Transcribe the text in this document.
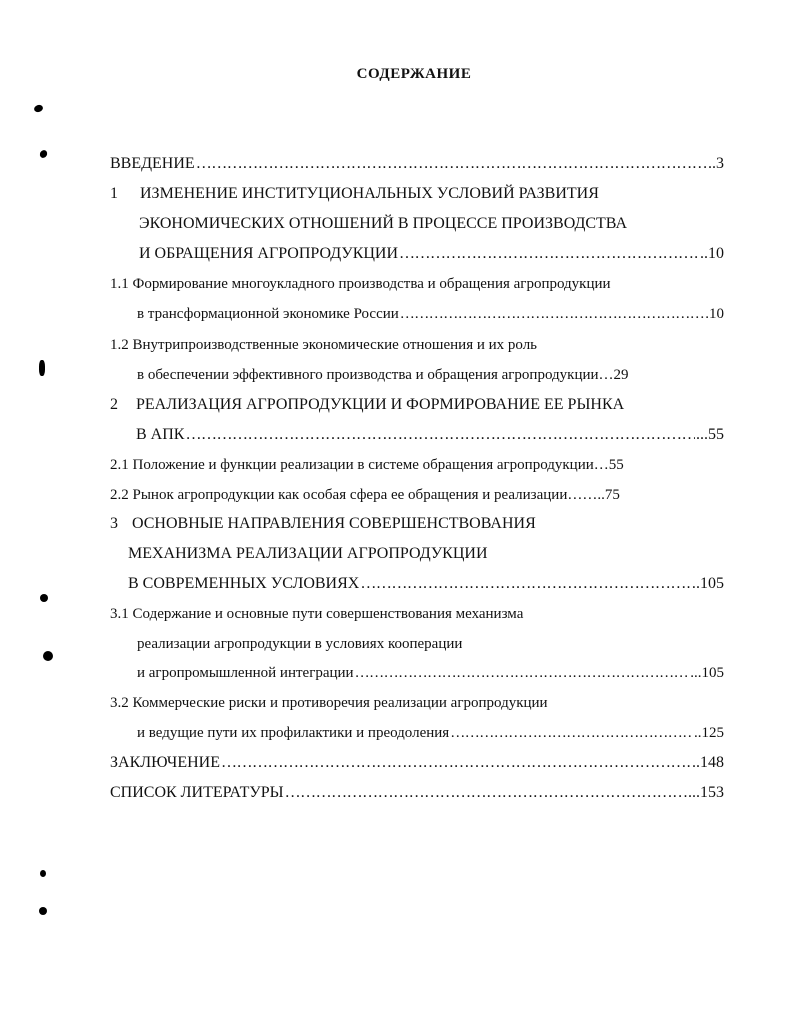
СОДЕРЖАНИЕ
ВВЕДЕНИЕ …………………………………………………………………………………………………………………………………………………………………………………………………	..3
1	ИЗМЕНЕНИЕ ИНСТИТУЦИОНАЛЬНЫХ УСЛОВИЙ РАЗВИТИЯ
ЭКОНОМИЧЕСКИХ ОТНОШЕНИЙ В ПРОЦЕССЕ ПРОИЗВОДСТВА
И ОБРАЩЕНИЯ АГРОПРОДУКЦИИ …………………………………………………………………………………………………………………………………………………………………………………………………	..10
1.1 Формирование многоукладного производства и обращения агропродукции
в трансформационной экономике России …………………………………………………………………………………………………………………………………………………………………………………………………	.10
1.2 Внутрипроизводственные экономические отношения и их роль
в обеспечении эффективного производства и обращения агропродукции …29
2	РЕАЛИЗАЦИЯ АГРОПРОДУКЦИИ И ФОРМИРОВАНИЕ ЕЕ РЫНКА
В АПК …………………………………………………………………………………………………………………………………………………………………………………………………	...55
2.1 Положение и функции реализации в системе обращения агропродукции …55
2.2 Рынок агропродукции как особая сфера ее обращения и реализации ……..75
3 ОСНОВНЫЕ НАПРАВЛЕНИЯ СОВЕРШЕНСТВОВАНИЯ
МЕХАНИЗМА РЕАЛИЗАЦИИ АГРОПРОДУКЦИИ
В СОВРЕМЕННЫХ УСЛОВИЯХ …………………………………………………………………………………………………………………………………………………………………………………………………	.105
3.1 Содержание и основные пути совершенствования механизма
реализации агропродукции в условиях кооперации
и агропромышленной интеграции …………………………………………………………………………………………………………………………………………………………………………………………………	...105
3.2 Коммерческие риски и противоречия реализации агропродукции
и ведущие пути их профилактики и преодоления …………………………………………………………………………………………………………………………………………………………………………………………………	..125
ЗАКЛЮЧЕНИЕ …………………………………………………………………………………………………………………………………………………………………………………………………	.148
СПИСОК ЛИТЕРАТУРЫ …………………………………………………………………………………………………………………………………………………………………………………………………	...153
